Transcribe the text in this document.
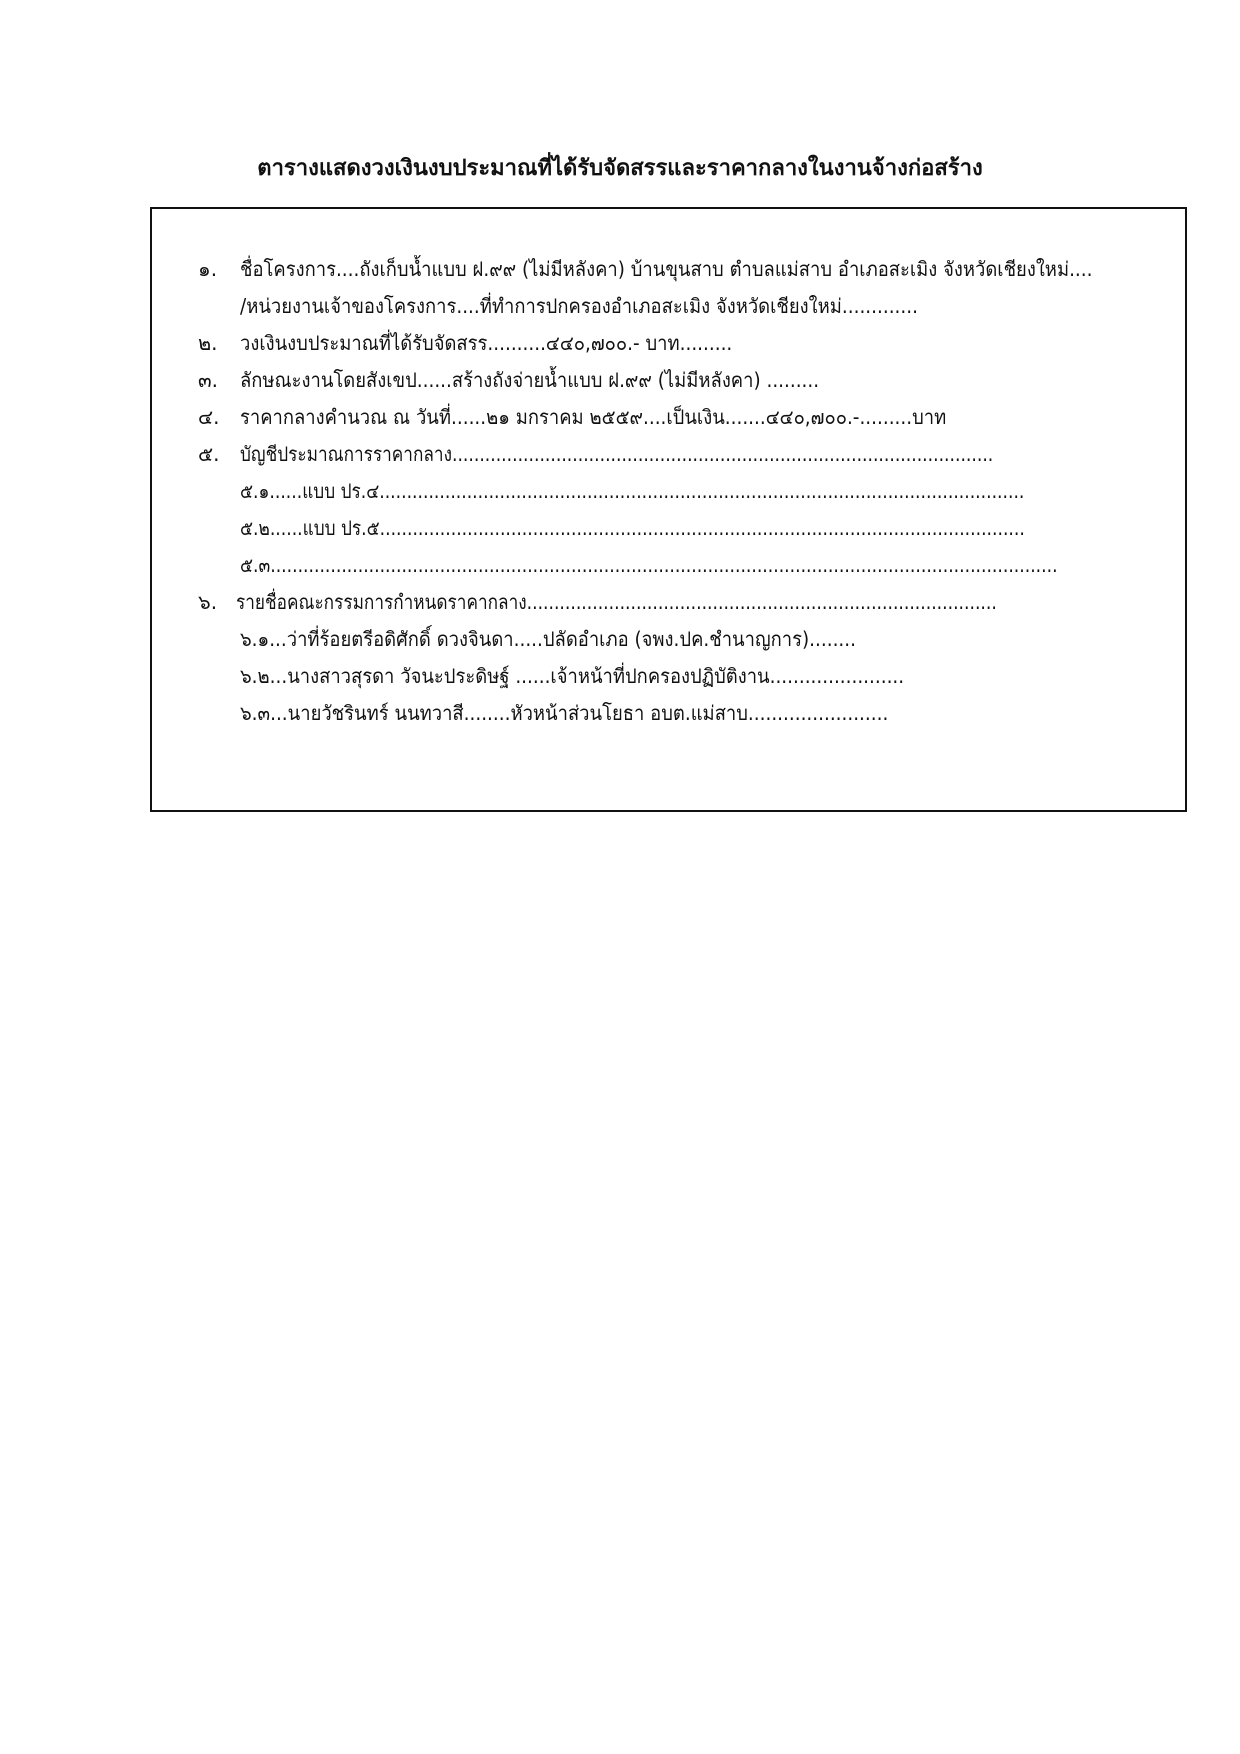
ตารางแสดงวงเงินงบประมาณที่ได้รับจัดสรรและราคากลางในงานจ้างก่อสร้าง
๑. ชื่อโครงการ....ถังเก็บน้ำแบบ ฝ.๙๙ (ไม่มีหลังคา) บ้านขุนสาบ ตำบลแม่สาบ อำเภอสะเมิง จังหวัดเชียงใหม่....
/หน่วยงานเจ้าของโครงการ....ที่ทำการปกครองอำเภอสะเมิง จังหวัดเชียงใหม่.............
๒. วงเงินงบประมาณที่ได้รับจัดสรร..........๔๔๐,๗๐๐.- บาท.........
๓. ลักษณะงานโดยสังเขป......สร้างถังจ่ายน้ำแบบ ฝ.๙๙ (ไม่มีหลังคา) .........
๔. ราคากลางคำนวณ ณ วันที่......๒๑ มกราคม ๒๕๕๙....เป็นเงิน.......๔๔๐,๗๐๐.-.........บาท
๕. บัญชีประมาณการราคากลาง...................................................................................................
๕.๑......แบบ ปร.๔......................................................................................................................
๕.๒......แบบ ปร.๕......................................................................................................................
๕.๓................................................................................................................................................
๖. รายชื่อคณะกรรมการกำหนดราคากลาง......................................................................................
๖.๑...ว่าที่ร้อยตรีอดิศักดิ์ ดวงจินดา.....ปลัดอำเภอ (จพง.ปค.ชำนาญการ)........
๖.๒...นางสาวสุรดา วัจนะประดิษฐ์ ......เจ้าหน้าที่ปกครองปฏิบัติงาน.......................
๖.๓...นายวัชรินทร์ นนทวาสี........หัวหน้าส่วนโยธา อบต.แม่สาบ........................
